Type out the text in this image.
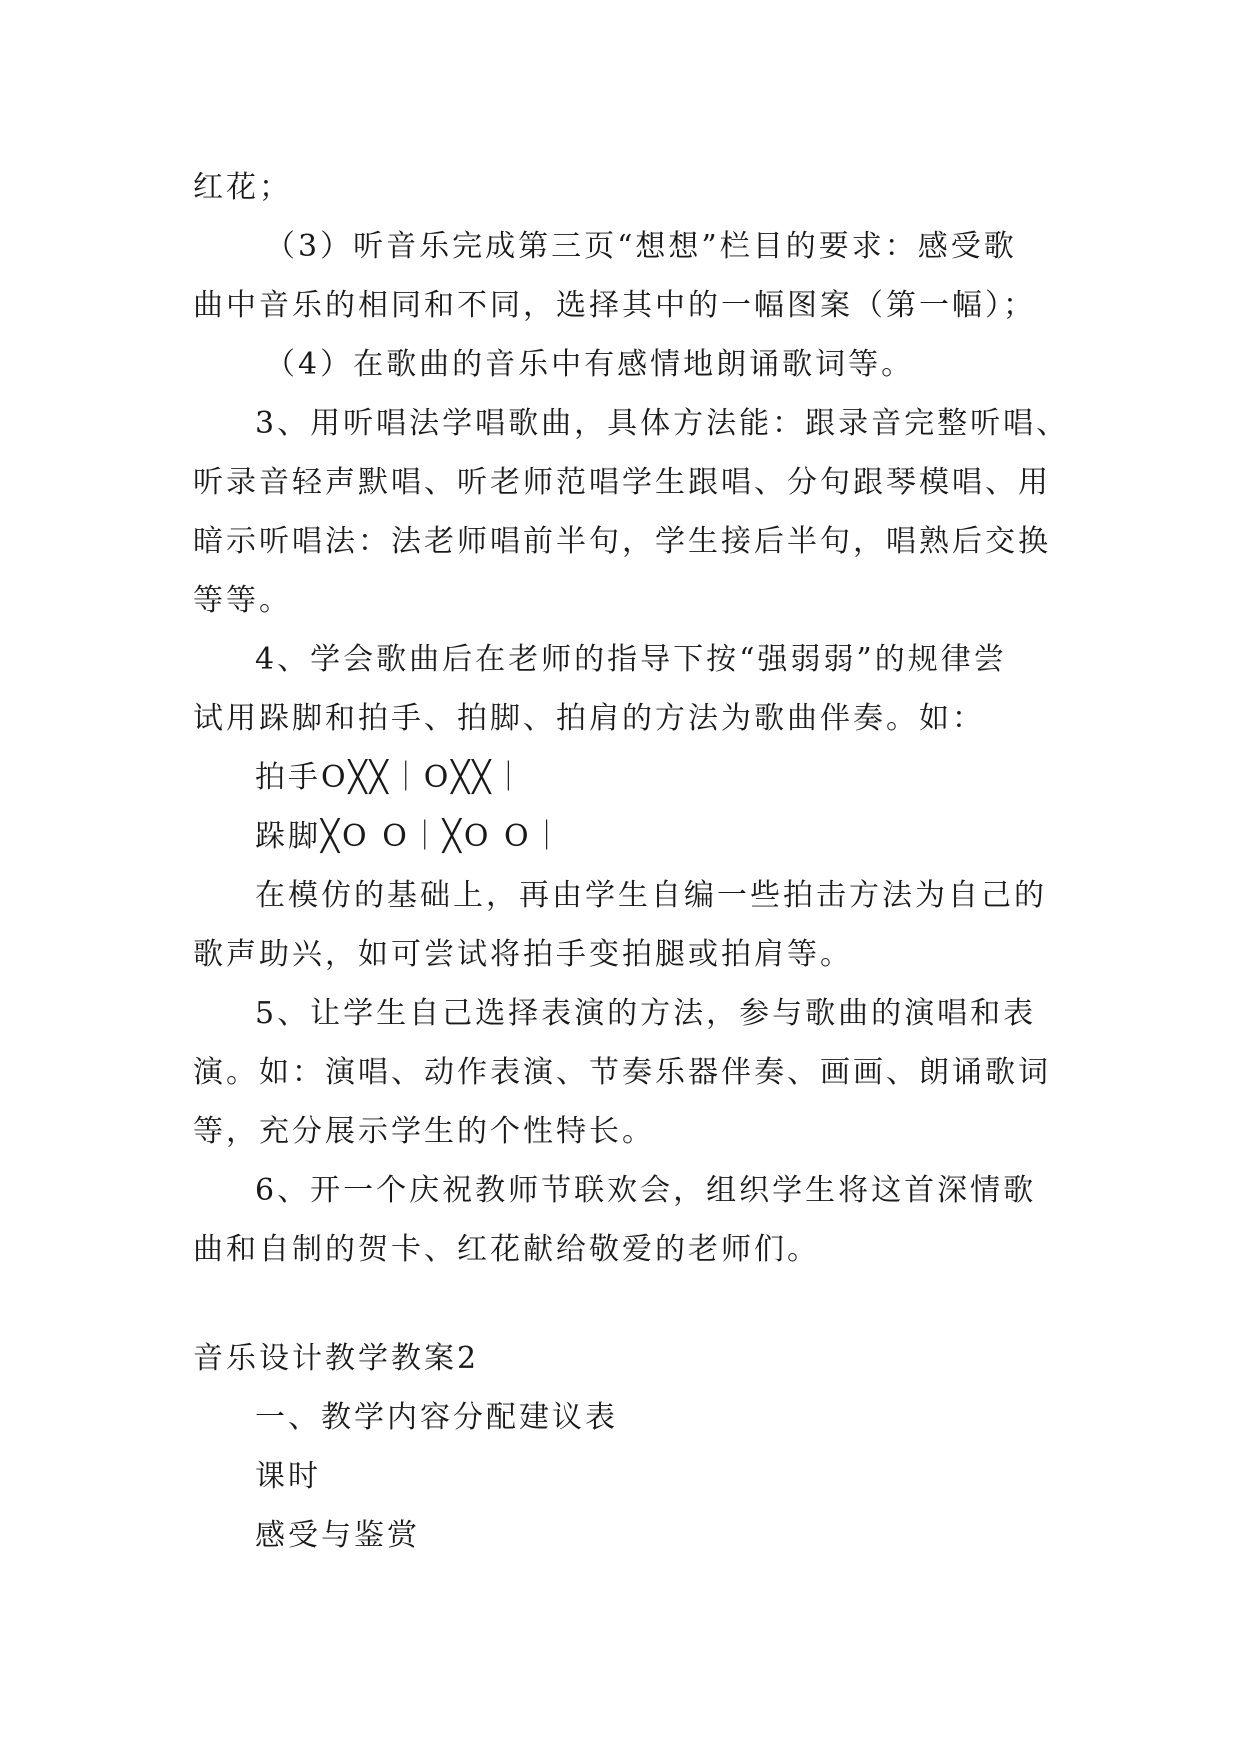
红花；
（3）听音乐完成第三页“想想”栏目的要求：感受歌
曲中音乐的相同和不同，选择其中的一幅图案（第一幅）；
（4）在歌曲的音乐中有感情地朗诵歌词等。
3、用听唱法学唱歌曲，具体方法能：跟录音完整听唱、
听录音轻声默唱、听老师范唱学生跟唱、分句跟琴模唱、用
暗示听唱法：法老师唱前半句，学生接后半句，唱熟后交换
等等。
4、学会歌曲后在老师的指导下按“强弱弱”的规律尝
试用跺脚和拍手、拍脚、拍肩的方法为歌曲伴奏。如：
拍手O╳╳｜O╳╳｜
跺脚╳O O｜╳O O｜
在模仿的基础上，再由学生自编一些拍击方法为自己的
歌声助兴，如可尝试将拍手变拍腿或拍肩等。
5、让学生自己选择表演的方法，参与歌曲的演唱和表
演。如：演唱、动作表演、节奏乐器伴奏、画画、朗诵歌词
等，充分展示学生的个性特长。
6、开一个庆祝教师节联欢会，组织学生将这首深情歌
曲和自制的贺卡、红花献给敬爱的老师们。
音乐设计教学教案2
一、教学内容分配建议表
课时
感受与鉴赏
